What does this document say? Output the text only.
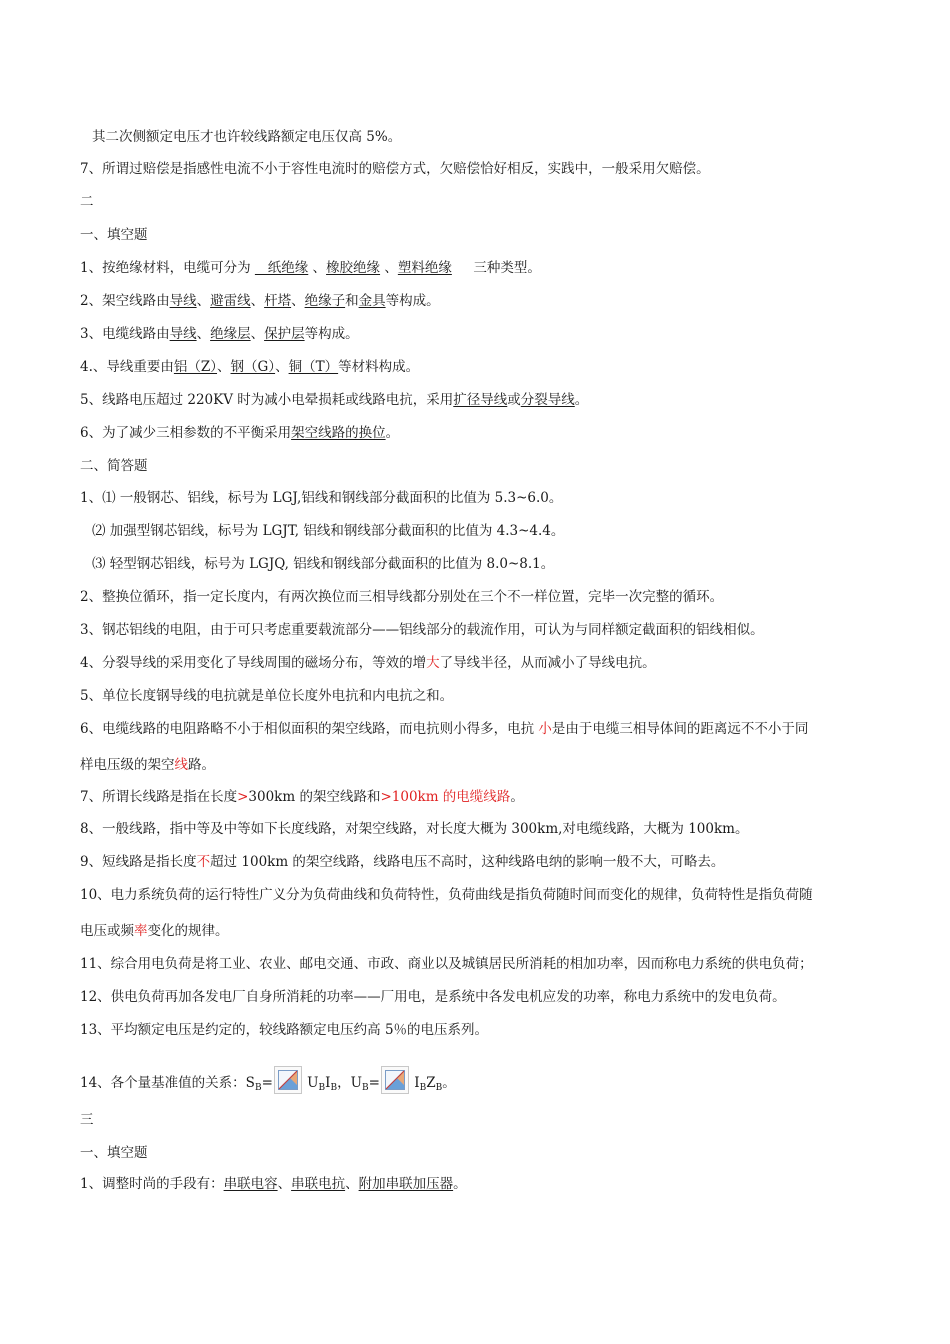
其二次侧额定电压才也许较线路额定电压仅高 5%。
7、所谓过赔偿是指感性电流不小于容性电流时的赔偿方式，欠赔偿恰好相反，实践中，一般采用欠赔偿。
二
一、填空题
1、按绝缘材料，电缆可分为    纸绝缘 、橡胶绝缘 、塑料绝缘     三种类型。
2、架空线路由导线、避雷线、杆塔、绝缘子和金具等构成。
3、电缆线路由导线、绝缘层、保护层等构成。
4.、导线重要由铝（Z）、钢（G）、铜（T）等材料构成。
5、线路电压超过 220KV 时为减小电晕损耗或线路电抗，采用扩径导线或分裂导线。
6、为了减少三相参数的不平衡采用架空线路的换位。
二、简答题
1、⑴ 一般钢芯、铝线，标号为 LGJ,铝线和钢线部分截面积的比值为 5.3~6.0。
⑵ 加强型钢芯铝线，标号为 LGJT, 铝线和钢线部分截面积的比值为 4.3~4.4。
⑶ 轻型钢芯铝线，标号为 LGJQ, 铝线和钢线部分截面积的比值为 8.0~8.1。
2、整换位循环，指一定长度内，有两次换位而三相导线都分别处在三个不一样位置，完毕一次完整的循环。
3、钢芯铝线的电阻，由于可只考虑重要载流部分——铝线部分的载流作用，可认为与同样额定截面积的铝线相似。
4、分裂导线的采用变化了导线周围的磁场分布，等效的增大了导线半径，从而减小了导线电抗。
5、单位长度钢导线的电抗就是单位长度外电抗和内电抗之和。
6、电缆线路的电阻路略不小于相似面积的架空线路，而电抗则小得多，电抗 小是由于电缆三相导体间的距离远不不小于同
样电压级的架空线路。
7、所谓长线路是指在长度>300km 的架空线路和>100km 的电缆线路。
8、一般线路，指中等及中等如下长度线路，对架空线路，对长度大概为 300km,对电缆线路，大概为 100km。
9、短线路是指长度不超过 100km 的架空线路，线路电压不高时，这种线路电纳的影响一般不大，可略去。
10、电力系统负荷的运行特性广义分为负荷曲线和负荷特性，负荷曲线是指负荷随时间而变化的规律，负荷特性是指负荷随
电压或频率变化的规律。
11、综合用电负荷是将工业、农业、邮电交通、市政、商业以及城镇居民所消耗的相加功率，因而称电力系统的供电负荷；
12、供电负荷再加各发电厂自身所消耗的功率——厂用电，是系统中各发电机应发的功率，称电力系统中的发电负荷。
13、平均额定电压是约定的，较线路额定电压约高 5％的电压系列。
14、各个量基准值的关系：$S_B=$
$U_BI_B$，$U_B=$
$I_BZ_B$。
三
一、填空题
1、调整时尚的手段有：串联电容、串联电抗、附加串联加压器。
